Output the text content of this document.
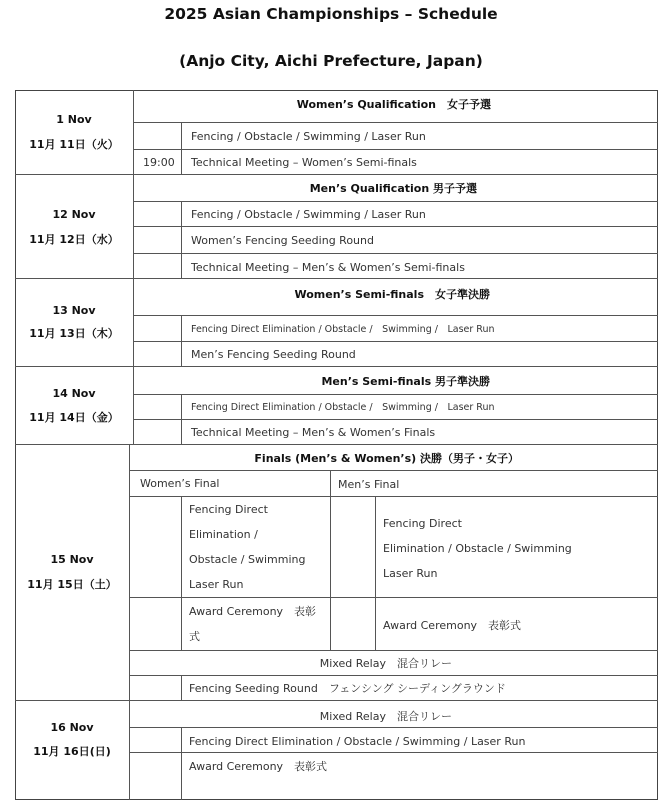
2025 Asian Championships – Schedule
(Anjo City, Aichi Prefecture, Japan)
1 Nov
11月 11日（火）
Women’s Qualification　女子予選
Fencing / Obstacle / Swimming / Laser Run
19:00 Technical Meeting – Women’s Semi-finals
12 Nov
11月 12日（水）
Men’s Qualification 男子予選
Fencing / Obstacle / Swimming / Laser Run
Women’s Fencing Seeding Round
Technical Meeting – Men’s & Women’s Semi-finals
13 Nov
11月 13日（木）
Women’s Semi-finals　女子準決勝
Fencing Direct Elimination / Obstacle /　Swimming /　Laser Run
Men’s Fencing Seeding Round
14 Nov
11月 14日（金）
Men’s Semi-finals 男子準決勝
Fencing Direct Elimination / Obstacle /　Swimming /　Laser Run
Technical Meeting – Men’s & Women’s Finals
15 Nov
11月 15日（土）
Finals (Men’s & Women’s) 決勝（男子・女子）
Women’s Final	Men’s Final
Fencing Direct
Elimination /
Obstacle / Swimming
Laser Run
Fencing Direct
Elimination / Obstacle / Swimming
Laser Run
Award Ceremony　表彰
式
Award Ceremony　表彰式
Mixed Relay　混合リレー
Fencing Seeding Round　フェンシング シーディングラウンド
16 Nov
11月 16日(日)
Mixed Relay　混合リレー
Fencing Direct Elimination / Obstacle / Swimming / Laser Run
Award Ceremony　表彰式
